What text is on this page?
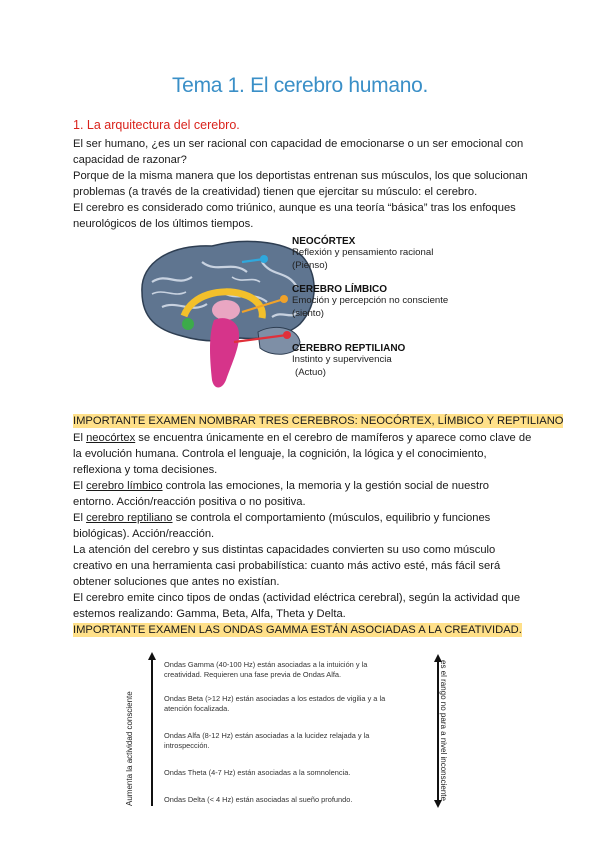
Tema 1. El cerebro humano.
1. La arquitectura del cerebro.

El ser humano, ¿es un ser racional con capacidad de emocionarse o un ser emocional con capacidad de razonar?

Porque de la misma manera que los deportistas entrenan sus músculos, los que solucionan problemas (a través de la creatividad) tienen que ejercitar su músculo: el cerebro.

El cerebro es considerado como triúnico, aunque es una teoría “básica” tras los enfoques neurológicos de los últimos tiempos.

NEOCÓRTEX
Reflexión y pensamiento racional
(Pienso)
CEREBRO LÍMBICO
Emoción y percepción no consciente
(siento)
CEREBRO REPTILIANO
Instinto y supervivencia
(Actuo)
IMPORTANTE EXAMEN NOMBRAR TRES CEREBROS: NEOCÓRTEX, LÍMBICO Y REPTILIANO

El neocórtex se encuentra únicamente en el cerebro de mamíferos y aparece como clave de la evolución humana. Controla el lenguaje, la cognición, la lógica y el conocimiento, reflexiona y toma decisiones.

El cerebro límbico controla las emociones, la memoria y la gestión social de nuestro entorno. Acción/reacción positiva o no positiva.

El cerebro reptiliano se controla el comportamiento (músculos, equilibrio y funciones biológicas). Acción/reacción.

La atención del cerebro y sus distintas capacidades convierten su uso como músculo creativo en una herramienta casi probabilística: cuanto más activo esté, más fácil será obtener soluciones que antes no existían.

El cerebro emite cinco tipos de ondas (actividad eléctrica cerebral), según la actividad que estemos realizando: Gamma, Beta, Alfa, Theta y Delta.

IMPORTANTE EXAMEN LAS ONDAS GAMMA ESTÁN ASOCIADAS A LA CREATIVIDAD.
Aumenta la actividad consciente	es el rango no para a nivel inconsciente
Ondas Gamma (40-100 Hz) están asociadas a la intuición y la creatividad. Requieren una fase previa de Ondas Alfa.
Ondas Beta (>12 Hz) están asociadas a los estados de vigilia y a la atención focalizada.
Ondas Alfa (8-12 Hz) están asociadas a la lucidez relajada y la introspección.
Ondas Theta (4-7 Hz) están asociadas a la somnolencia.
Ondas Delta (< 4 Hz) están asociadas al sueño profundo.
